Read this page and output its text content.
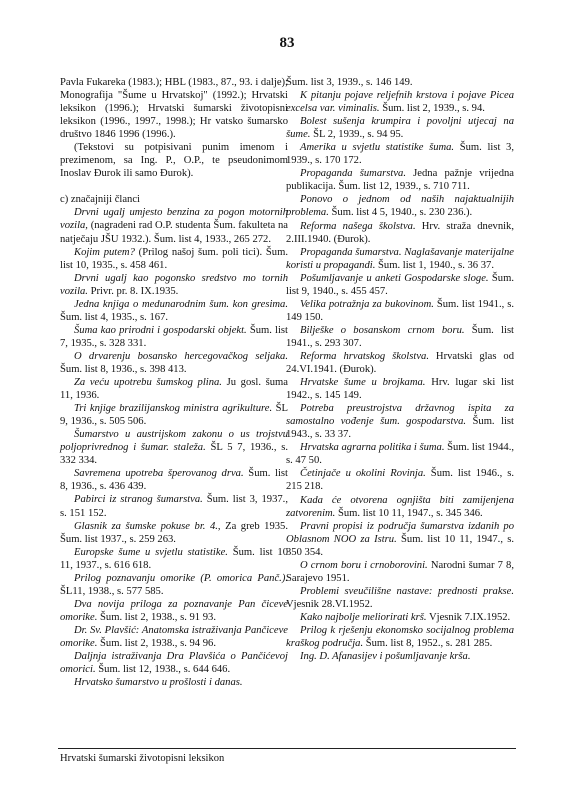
83

Pavla Fukareka (1983.); HBL (1983., 87., 93. i dalje); Monografija "Šume u Hrvatskoj" (1992.); Hrvatski leksikon (1996.); Hrvatski šumarski životopisni leksikon (1996., 1997., 1998.); Hr vatsko šumarsko društvo 1846 1996 (1996.).

(Tekstovi su potpisivani punim imenom i prezimenom, sa Ing. P., O.P., te pseudonimom Inoslav Đurok ili samo Đurok).

c) značajniji članci

Drvni ugalj umjesto benzina za pogon motornih vozila, (nagradeni rad O.P. studenta Šum. fakulteta na natječaju JŠU 1932.). Šum. list 4, 1933., 265 272.

Kojim putem? (Prilog našoj šum. poli tici). Šum. list 10, 1935., s. 458 461.

Drvni ugalj kao pogonsko sredstvo mo tornih vozila. Privr. pr. 8. IX.1935.

Jedna knjiga o medunarodnim šum. kon gresima. Šum. list 4, 1935., s. 167.

Šuma kao prirodni i gospodarski objekt. Šum. list 7, 1935., s. 328 331.

O drvarenju bosansko hercegovačkog seljaka. Šum. list 8, 1936., s. 398 413.

Za veću upotrebu šumskog plina. Ju gosl. šuma 11, 1936.

Tri knjige brazilijanskog ministra agrikulture. ŠL 9, 1936., s. 505 506.

Šumarstvo u austrijskom zakonu o us trojstvu poljoprivrednog i šumar. staleža. ŠL 5 7, 1936., s. 332 334.

Savremena upotreba šperovanog drva. Šum. list 8, 1936., s. 436 439.

Pabirci iz stranog šumarstva. Šum. list 3, 1937., s. 151 152.

Glasnik za šumske pokuse br. 4., Za greb 1935. Šum. list 1937., s. 259 263.

Europske šume u svjetlu statistike. Šum. list 10 11, 1937., s. 616 618.

Prilog poznavanju omorike (P. omorica Panč.). ŠL11, 1938., s. 577 585.

Dva novija priloga za poznavanje Pan čiceve omorike. Šum. list 2, 1938., s. 91 93.

Dr. Sv. Plavšić: Anatomska istraživanja Pančiceve omorike. Šum. list 2, 1938., s. 94 96.

Daljnja istraživanja Dra Plavšića o Pančićevoj omorici. Šum. list 12, 1938., s. 644 646.

Hrvatsko šumarstvo u prošlosti i danas.

Šum. list 3, 1939., s. 146 149.

K pitanju pojave reljefnih krstova i pojave Picea excelsa var. viminalis. Šum. list 2, 1939., s. 94.

Bolest sušenja krumpira i povoljni utjecaj na šume. ŠL 2, 1939., s. 94 95.

Amerika u svjetlu statistike šuma. Šum. list 3, 1939., s. 170 172.

Propaganda šumarstva. Jedna pažnje vrijedna publikacija. Šum. list 12, 1939., s. 710 711.

Ponovo o jednom od naših najaktualnijih problema. Šum. list 4 5, 1940., s. 230 236.).

Reforma našega školstva. Hrv. straža dnevnik, 2.III.1940. (Đurok).

Propaganda šumarstva. Naglašavanje materijalne koristi u propagandi. Šum. list 1, 1940., s. 36 37.

Pošumljavanje u anketi Gospodarske sloge. Šum. list 9, 1940., s. 455 457.

Velika potražnja za bukovinom. Šum. list 1941., s. 149 150.

Bilješke o bosanskom crnom boru. Šum. list 1941., s. 293 307.

Reforma hrvatskog školstva. Hrvatski glas od 24.VI.1941. (Đurok).

Hrvatske šume u brojkama. Hrv. lugar ski list 1942., s. 145 149.

Potreba preustrojstva državnog ispita za samostalno vođenje šum. gospodarstva. Šum. list 1943., s. 33 37.

Hrvatska agrarna politika i šuma. Šum. list 1944., s. 47 50.

Četinjače u okolini Rovinja. Šum. list 1946., s. 215 218.

Kada će otvorena ognjišta biti zamijenjena zatvorenim. Šum. list 10 11, 1947., s. 345 346.

Pravni propisi iz područja šumarstva izdanih po Oblasnom NOO za Istru. Šum. list 10 11, 1947., s. 350 354.

O crnom boru i crnoborovini. Narodni šumar 7 8, Sarajevo 1951.

Problemi sveučilišne nastave: prednosti prakse. Vjesnik 28.VI.1952.

Kako najbolje meliorirati krš. Vjesnik 7.IX.1952.

Prilog k rješenju ekonomsko socijalnog problema kraškog područja. Šum. list 8, 1952., s. 281 285.

Ing. D. Afanasijev i pošumljavanje krša.

Hrvatski šumarski životopisni leksikon
